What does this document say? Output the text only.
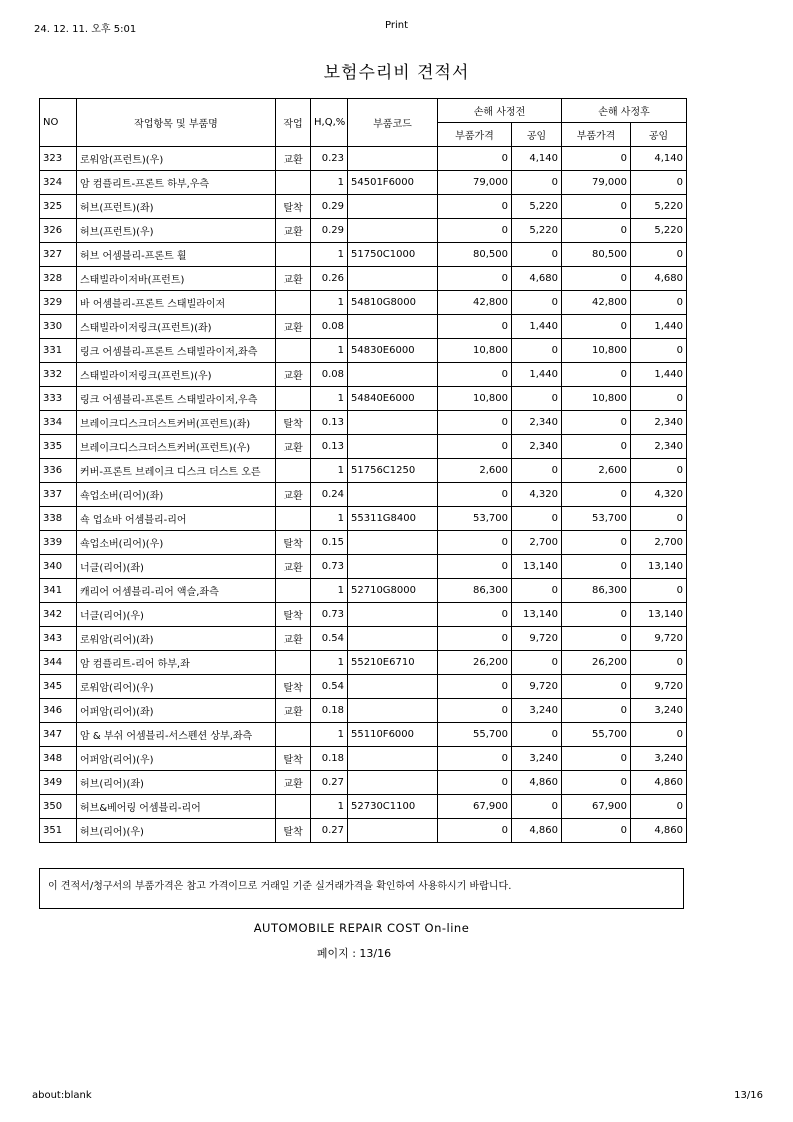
24. 12. 11. 오후 5:01	Print
보험수리비 견적서
NO	작업항목 및 부품명	작업	H,Q,%	부품코드	손해 사정전		손해 사정후	
					부품가격	공임	부품가격	공임
323	로워암(프런트)(우)	교환	0.23		0	4,140	0	4,140
324	암 컴플리트-프론트 하부,우측		1	54501F6000	79,000	0	79,000	0
325	허브(프런트)(좌)	탈착	0.29		0	5,220	0	5,220
326	허브(프런트)(우)	교환	0.29		0	5,220	0	5,220
327	허브 어셈블리-프론트 휠		1	51750C1000	80,500	0	80,500	0
328	스태빌라이저바(프런트)	교환	0.26		0	4,680	0	4,680
329	바 어셈블리-프론트 스태빌라이저		1	54810G8000	42,800	0	42,800	0
330	스태빌라이저링크(프런트)(좌)	교환	0.08		0	1,440	0	1,440
331	링크 어셈블리-프론트 스태빌라이저,좌측		1	54830E6000	10,800	0	10,800	0
332	스태빌라이저링크(프런트)(우)	교환	0.08		0	1,440	0	1,440
333	링크 어셈블리-프론트 스태빌라이저,우측		1	54840E6000	10,800	0	10,800	0
334	브레이크디스크더스트커버(프런트)(좌)	탈착	0.13		0	2,340	0	2,340
335	브레이크디스크더스트커버(프런트)(우)	교환	0.13		0	2,340	0	2,340
336	커버-프론트 브레이크 디스크 더스트 오른		1	51756C1250	2,600	0	2,600	0
337	쇽업소버(리어)(좌)	교환	0.24		0	4,320	0	4,320
338	쇽 업쇼바 어셈블리-리어		1	55311G8400	53,700	0	53,700	0
339	쇽업소버(리어)(우)	탈착	0.15		0	2,700	0	2,700
340	너클(리어)(좌)	교환	0.73		0	13,140	0	13,140
341	캐리어 어셈블리-리어 액슬,좌측		1	52710G8000	86,300	0	86,300	0
342	너클(리어)(우)	탈착	0.73		0	13,140	0	13,140
343	로워암(리어)(좌)	교환	0.54		0	9,720	0	9,720
344	암 컴플리트-리어 하부,좌		1	55210E6710	26,200	0	26,200	0
345	로워암(리어)(우)	탈착	0.54		0	9,720	0	9,720
346	어퍼암(리어)(좌)	교환	0.18		0	3,240	0	3,240
347	암 & 부쉬 어셈블리-서스펜션 상부,좌측		1	55110F6000	55,700	0	55,700	0
348	어퍼암(리어)(우)	탈착	0.18		0	3,240	0	3,240
349	허브(리어)(좌)	교환	0.27		0	4,860	0	4,860
350	허브&베어링 어셈블리-리어		1	52730C1100	67,900	0	67,900	0
351	허브(리어)(우)	탈착	0.27		0	4,860	0	4,860
이 견적서/청구서의 부품가격은 참고 가격이므로 거래일 기준 실거래가격을 확인하여 사용하시기 바랍니다.
AUTOMOBILE REPAIR COST On-line
페이지 : 13/16
about:blank	13/16
